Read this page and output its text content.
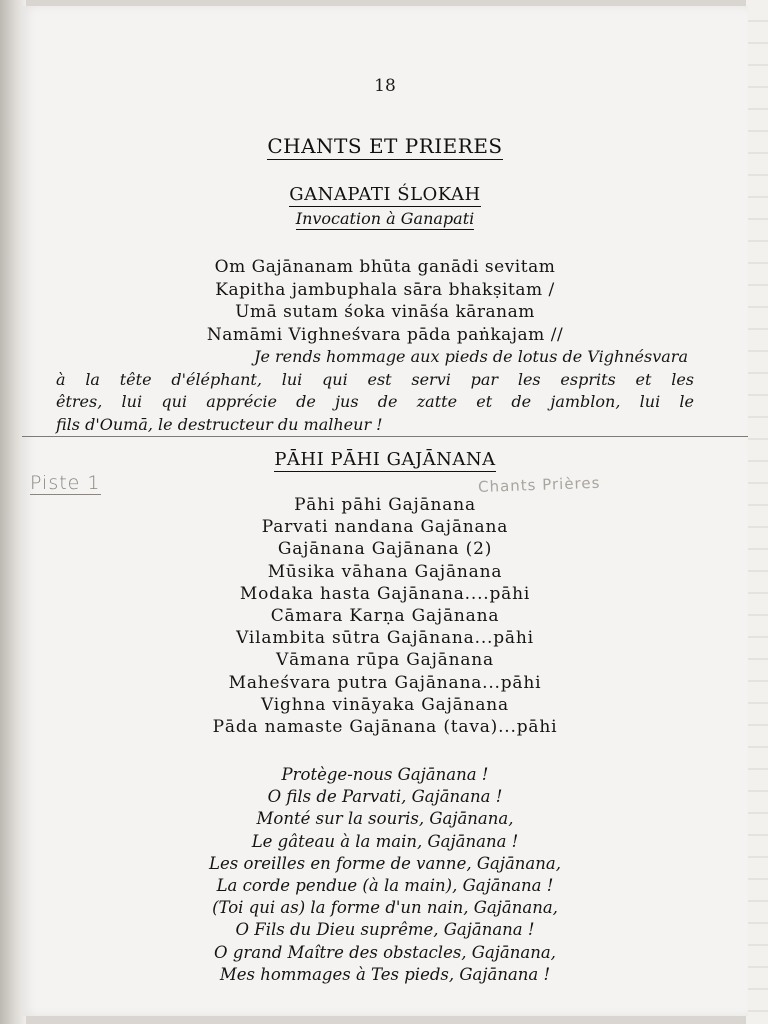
18
CHANTS ET PRIERES
GANAPATI ŚLOKAH
Invocation à Ganapati
Om Gajānanam bhūta ganādi sevitam
Kapitha jambuphala sāra bhakṣitam /
Umā sutam śoka vināśa kāranam
Namāmi Vighneśvara pāda paṅkajam //
Je rends hommage aux pieds de lotus de Vighnésvara
à la tête d'éléphant, lui qui est servi par les esprits et les
êtres, lui qui apprécie de jus de zatte et de jamblon, lui le
fils d'Oumā, le destructeur du malheur !
PĀHI PĀHI GAJĀNANA
Piste 1	Chants Prières
Pāhi pāhi Gajānana
Parvati nandana Gajānana
Gajānana Gajānana (2)
Mūsika vāhana Gajānana
Modaka hasta Gajānana....pāhi
Cāmara Karṇa Gajānana
Vilambita sūtra Gajānana...pāhi
Vāmana rūpa Gajānana
Maheśvara putra Gajānana...pāhi
Vighna vināyaka Gajānana
Pāda namaste Gajānana (tava)...pāhi
Protège-nous Gajānana !
O fils de Parvati, Gajānana !
Monté sur la souris, Gajānana,
Le gâteau à la main, Gajānana !
Les oreilles en forme de vanne, Gajānana,
La corde pendue (à la main), Gajānana !
(Toi qui as) la forme d'un nain, Gajānana,
O Fils du Dieu suprême, Gajānana !
O grand Maître des obstacles, Gajānana,
Mes hommages à Tes pieds, Gajānana !
